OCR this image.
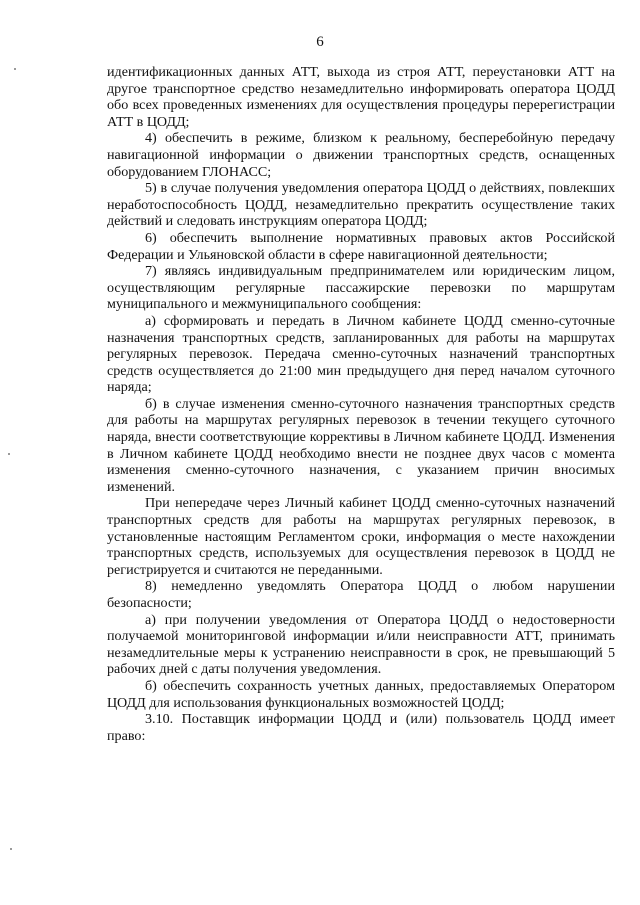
6

идентификационных данных АТТ, выхода из строя АТТ, переустановки АТТ на другое транспортное средство незамедлительно информировать оператора ЦОДД обо всех проведенных изменениях для осуществления процедуры перерегистрации АТТ в ЦОДД;

4) обеспечить в режиме, близком к реальному, бесперебойную передачу навигационной информации о движении транспортных средств, оснащенных оборудованием ГЛОНАСС;

5) в случае получения уведомления оператора ЦОДД о действиях, повлекших неработоспособность ЦОДД, незамедлительно прекратить осуществление таких действий и следовать инструкциям оператора ЦОДД;

6) обеспечить выполнение нормативных правовых актов Российской Федерации и Ульяновской области в сфере навигационной деятельности;

7) являясь индивидуальным предпринимателем или юридическим лицом, осуществляющим регулярные пассажирские перевозки по маршрутам муниципального и межмуниципального сообщения:

а) сформировать и передать в Личном кабинете ЦОДД сменно-суточные назначения транспортных средств, запланированных для работы на маршрутах регулярных перевозок. Передача сменно-суточных назначений транспортных средств осуществляется до 21:00 мин предыдущего дня перед началом суточного наряда;

б) в случае изменения сменно-суточного назначения транспортных средств для работы на маршрутах регулярных перевозок в течении текущего суточного наряда, внести соответствующие коррективы в Личном кабинете ЦОДД. Изменения в Личном кабинете ЦОДД необходимо внести не позднее двух часов с момента изменения сменно-суточного назначения, с указанием причин вносимых изменений.

При непередаче через Личный кабинет ЦОДД сменно-суточных назначений транспортных средств для работы на маршрутах регулярных перевозок, в установленные настоящим Регламентом сроки, информация о месте нахождении транспортных средств, используемых для осуществления перевозок в ЦОДД не регистрируется и считаются не переданными.

8) немедленно уведомлять Оператора ЦОДД о любом нарушении безопасности;

а) при получении уведомления от Оператора ЦОДД о недостоверности получаемой мониторинговой информации и/или неисправности АТТ, принимать незамедлительные меры к устранению неисправности в срок, не превышающий 5 рабочих дней с даты получения уведомления.

б) обеспечить сохранность учетных данных, предоставляемых Оператором ЦОДД для использования функциональных возможностей ЦОДД;

3.10. Поставщик информации ЦОДД и (или) пользователь ЦОДД имеет право:
